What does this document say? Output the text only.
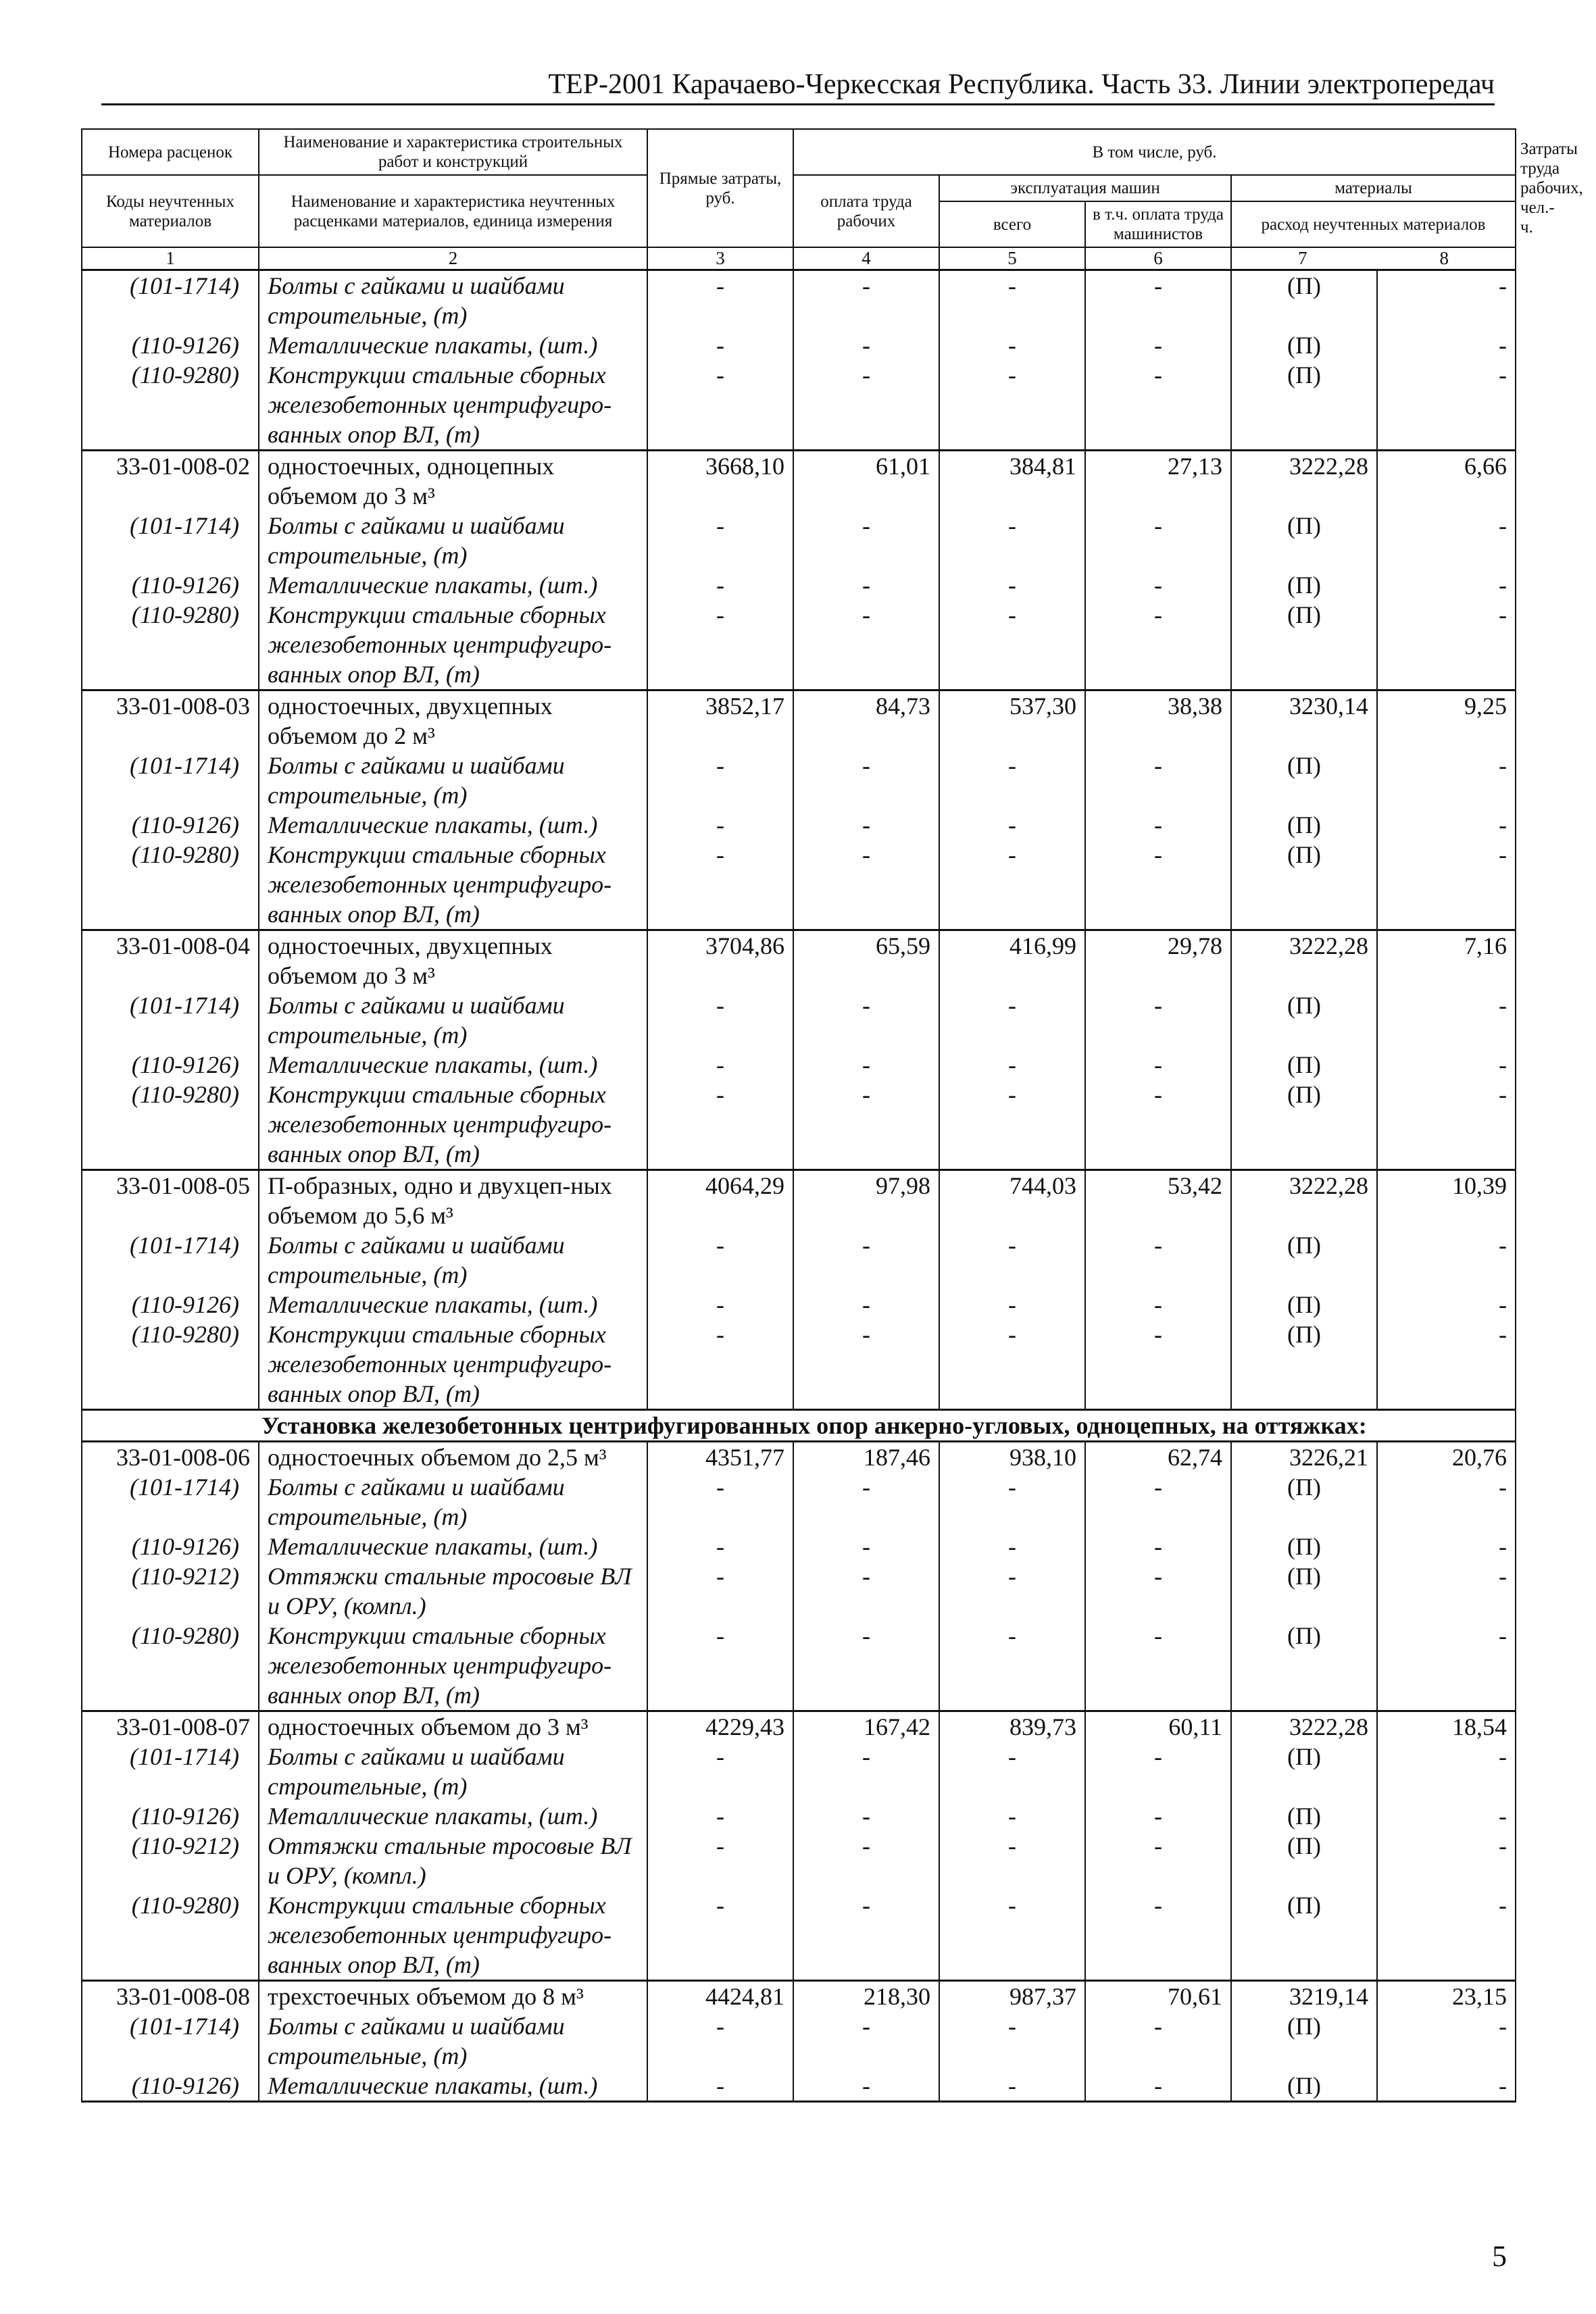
ТЕР-2001 Карачаево-Черкесская Республика. Часть 33. Линии электропередач
Номера расценок	Наименование и характеристика строительных работ и конструкций	Прямые затраты, руб.	В том числе, руб.					Затраты труда рабочих, чел.-ч.
Коды неучтенных материалов	Наименование и характеристика неучтенных расценками материалов, единица измерения		оплата труда рабочих	эксплуатация машин		материалы		
				всего	в т.ч. оплата труда машинистов	расход неучтенных материалов		
1	2	3	4	5	6	7 8		
(101-1714)	Болты с гайками и шайбами строительные, (т)	-	-	-	-	(П)	-	
(110-9126)	Металлические плакаты, (шт.)	-	-	-	-	(П)	-	
(110-9280)	Конструкции стальные сборных железобетонных центрифугиро-ванных опор ВЛ, (т)	-	-	-	-	(П)	-	
33-01-008-02	одностоечных, одноцепных объемом до 3 м³	3668,10	61,01	384,81	27,13	3222,28	6,66	
(101-1714)	Болты с гайками и шайбами строительные, (т)	-	-	-	-	(П)	-	
(110-9126)	Металлические плакаты, (шт.)	-	-	-	-	(П)	-	
(110-9280)	Конструкции стальные сборных железобетонных центрифугиро-ванных опор ВЛ, (т)	-	-	-	-	(П)	-	
33-01-008-03	одностоечных, двухцепных объемом до 2 м³	3852,17	84,73	537,30	38,38	3230,14	9,25	
(101-1714)	Болты с гайками и шайбами строительные, (т)	-	-	-	-	(П)	-	
(110-9126)	Металлические плакаты, (шт.)	-	-	-	-	(П)	-	
(110-9280)	Конструкции стальные сборных железобетонных центрифугиро-ванных опор ВЛ, (т)	-	-	-	-	(П)	-	
33-01-008-04	одностоечных, двухцепных объемом до 3 м³	3704,86	65,59	416,99	29,78	3222,28	7,16	
(101-1714)	Болты с гайками и шайбами строительные, (т)	-	-	-	-	(П)	-	
(110-9126)	Металлические плакаты, (шт.)	-	-	-	-	(П)	-	
(110-9280)	Конструкции стальные сборных железобетонных центрифугиро-ванных опор ВЛ, (т)	-	-	-	-	(П)	-	
33-01-008-05	П-образных, одно и двухцеп-ных объемом до 5,6 м³	4064,29	97,98	744,03	53,42	3222,28	10,39	
(101-1714)	Болты с гайками и шайбами строительные, (т)	-	-	-	-	(П)	-	
(110-9126)	Металлические плакаты, (шт.)	-	-	-	-	(П)	-	
(110-9280)	Конструкции стальные сборных железобетонных центрифугиро-ванных опор ВЛ, (т)	-	-	-	-	(П)	-	
Установка железобетонных центрифугированных опор анкерно-угловых, одноцепных, на оттяжках:								
33-01-008-06	одностоечных объемом до 2,5 м³	4351,77	187,46	938,10	62,74	3226,21	20,76	
(101-1714)	Болты с гайками и шайбами строительные, (т)	-	-	-	-	(П)	-	
(110-9126)	Металлические плакаты, (шт.)	-	-	-	-	(П)	-	
(110-9212)	Оттяжки стальные тросовые ВЛ и ОРУ, (компл.)	-	-	-	-	(П)	-	
(110-9280)	Конструкции стальные сборных железобетонных центрифугиро-ванных опор ВЛ, (т)	-	-	-	-	(П)	-	
33-01-008-07	одностоечных объемом до 3 м³	4229,43	167,42	839,73	60,11	3222,28	18,54	
(101-1714)	Болты с гайками и шайбами строительные, (т)	-	-	-	-	(П)	-	
(110-9126)	Металлические плакаты, (шт.)	-	-	-	-	(П)	-	
(110-9212)	Оттяжки стальные тросовые ВЛ и ОРУ, (компл.)	-	-	-	-	(П)	-	
(110-9280)	Конструкции стальные сборных железобетонных центрифугиро-ванных опор ВЛ, (т)	-	-	-	-	(П)	-	
33-01-008-08	трехстоечных объемом до 8 м³	4424,81	218,30	987,37	70,61	3219,14	23,15	
(101-1714)	Болты с гайками и шайбами строительные, (т)	-	-	-	-	(П)	-	
(110-9126)	Металлические плакаты, (шт.)	-	-	-	-	(П)	-	
5
